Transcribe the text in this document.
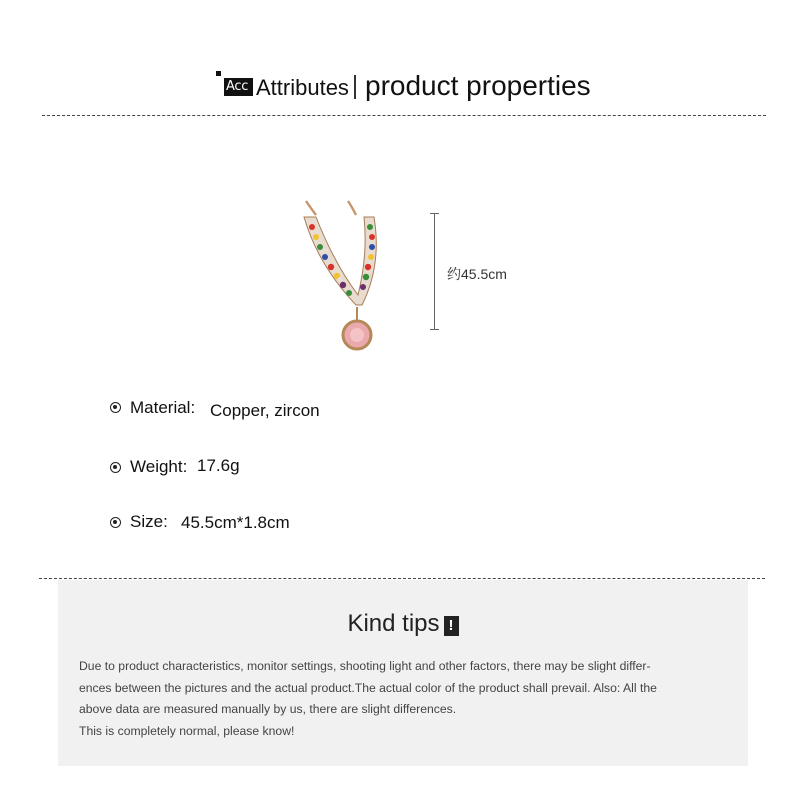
Acc Attributes product properties
约45.5cm
Material: Copper, zircon
Weight: 17.6g
Size: 45.5cm*1.8cm
Kind tips !
Due to product characteristics, monitor settings, shooting light and other factors, there may be slight differ-
ences between the pictures and the actual product.The actual color of the product shall prevail. Also: All the
above data are measured manually by us, there are slight differences.
This is completely normal, please know!
